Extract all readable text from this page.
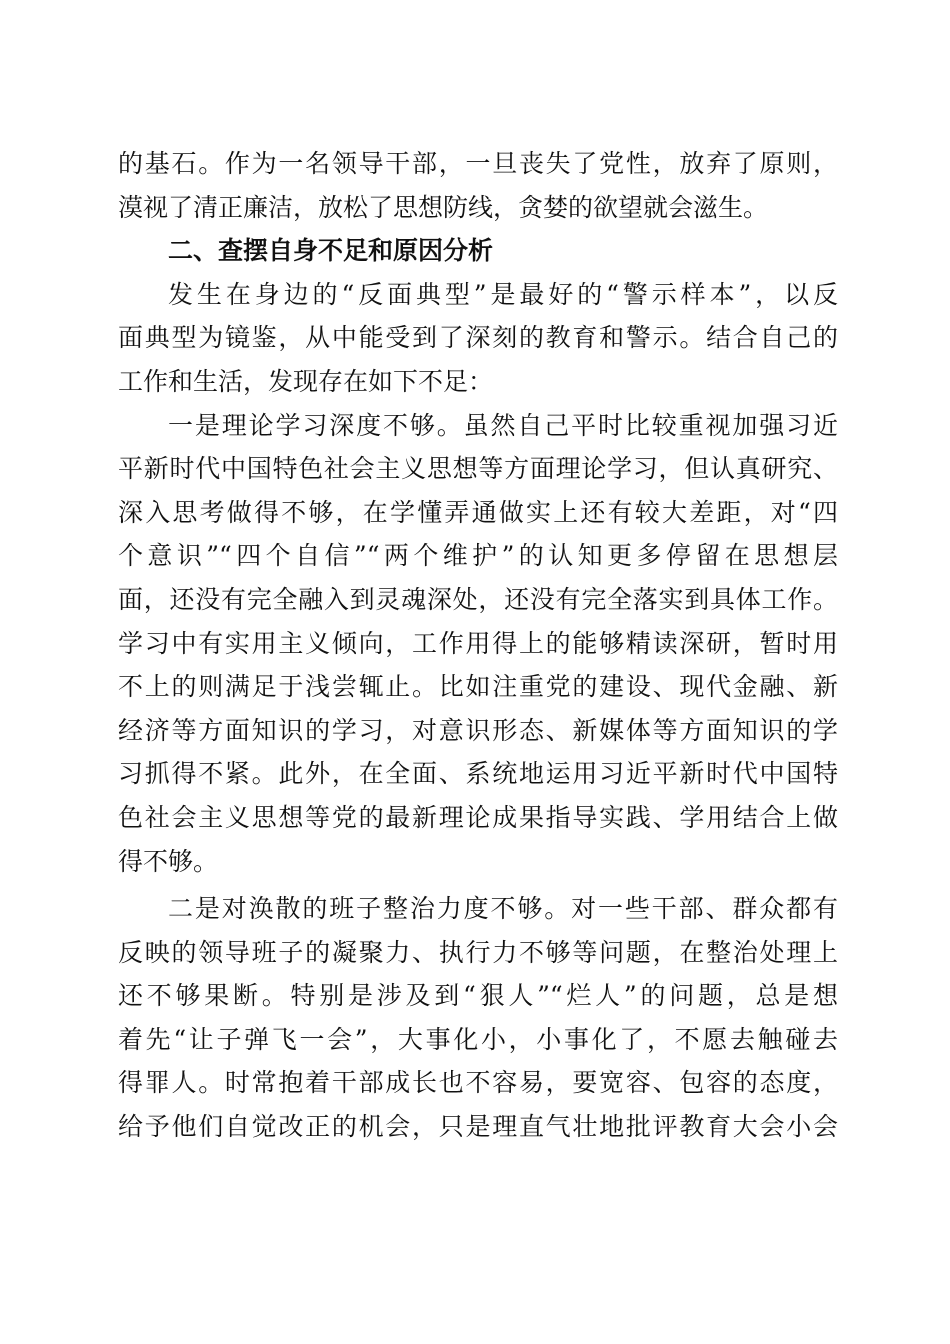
的基石。作为一名领导干部，一旦丧失了党性，放弃了原则，
漠视了清正廉洁，放松了思想防线，贪婪的欲望就会滋生。
二、查摆自身不足和原因分析
发生在身边的“反面典型”是最好的“警示样本”，以反
面典型为镜鉴，从中能受到了深刻的教育和警示。结合自己的
工作和生活，发现存在如下不足：
一是理论学习深度不够。虽然自己平时比较重视加强习近
平新时代中国特色社会主义思想等方面理论学习，但认真研究、
深入思考做得不够，在学懂弄通做实上还有较大差距，对“四
个意识”“四个自信”“两个维护”的认知更多停留在思想层
面，还没有完全融入到灵魂深处，还没有完全落实到具体工作。
学习中有实用主义倾向，工作用得上的能够精读深研，暂时用
不上的则满足于浅尝辄止。比如注重党的建设、现代金融、新
经济等方面知识的学习，对意识形态、新媒体等方面知识的学
习抓得不紧。此外，在全面、系统地运用习近平新时代中国特
色社会主义思想等党的最新理论成果指导实践、学用结合上做
得不够。
二是对涣散的班子整治力度不够。对一些干部、群众都有
反映的领导班子的凝聚力、执行力不够等问题，在整治处理上
还不够果断。特别是涉及到“狠人”“烂人”的问题，总是想
着先“让子弹飞一会”，大事化小，小事化了，不愿去触碰去
得罪人。时常抱着干部成长也不容易，要宽容、包容的态度，
给予他们自觉改正的机会，只是理直气壮地批评教育大会小会
